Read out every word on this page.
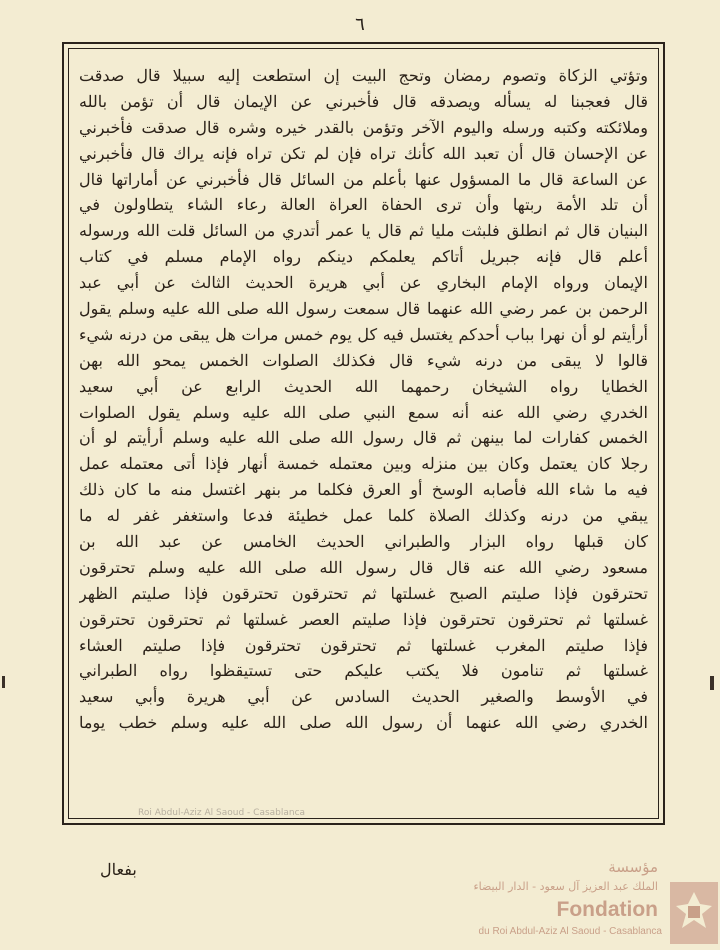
٦
وتؤتي الزكاة وتصوم رمضان وتحج البيت إن استطعت إليه سبيلا قال صدقت
قال فعجبنا له يسأله ويصدقه قال فأخبرني عن الإيمان قال أن تؤمن بالله
وملائكته وكتبه ورسله واليوم الآخر وتؤمن بالقدر خيره وشره قال صدقت فأخبرني
عن الإحسان قال أن تعبد الله كأنك تراه فإن لم تكن تراه فإنه يراك قال فأخبرني
عن الساعة قال ما المسؤول عنها بأعلم من السائل قال فأخبرني عن أماراتها قال
أن تلد الأمة ربتها وأن ترى الحفاة العراة العالة رعاء الشاء يتطاولون في
البنيان قال ثم انطلق فلبثت مليا ثم قال يا عمر أتدري من السائل قلت الله ورسوله
أعلم قال فإنه جبريل أتاكم يعلمكم دينكم رواه الإمام مسلم في كتاب
الإيمان ورواه الإمام البخاري عن أبي هريرة الحديث الثالث عن أبي عبد
الرحمن بن عمر رضي الله عنهما قال سمعت رسول الله صلى الله عليه وسلم يقول
أرأيتم لو أن نهرا بباب أحدكم يغتسل فيه كل يوم خمس مرات هل يبقى من درنه شيء
قالوا لا يبقى من درنه شيء قال فكذلك الصلوات الخمس يمحو الله بهن
الخطايا رواه الشيخان رحمهما الله الحديث الرابع عن أبي سعيد
الخدري رضي الله عنه أنه سمع النبي صلى الله عليه وسلم يقول الصلوات
الخمس كفارات لما بينهن ثم قال رسول الله صلى الله عليه وسلم أرأيتم لو أن
رجلا كان يعتمل وكان بين منزله وبين معتمله خمسة أنهار فإذا أتى معتمله عمل
فيه ما شاء الله فأصابه الوسخ أو العرق فكلما مر بنهر اغتسل منه ما كان ذلك
يبقي من درنه وكذلك الصلاة كلما عمل خطيئة فدعا واستغفر غفر له ما
كان قبلها رواه البزار والطبراني الحديث الخامس عن عبد الله بن
مسعود رضي الله عنه قال قال رسول الله صلى الله عليه وسلم تحترقون
تحترقون فإذا صليتم الصبح غسلتها ثم تحترقون تحترقون فإذا صليتم الظهر
غسلتها ثم تحترقون تحترقون فإذا صليتم العصر غسلتها ثم تحترقون تحترقون
فإذا صليتم المغرب غسلتها ثم تحترقون تحترقون فإذا صليتم العشاء
غسلتها ثم تنامون فلا يكتب عليكم حتى تستيقظوا رواه الطبراني
في الأوسط والصغير الحديث السادس عن أبي هريرة وأبي سعيد
الخدري رضي الله عنهما أن رسول الله صلى الله عليه وسلم خطب يوما
Roi Abdul-Aziz Al Saoud - Casablanca
بفعال	مؤسسة
الملك عبد العزيز آل سعود - الدار البيضاء
Fondation
du Roi Abdul-Aziz Al Saoud - Casablanca
